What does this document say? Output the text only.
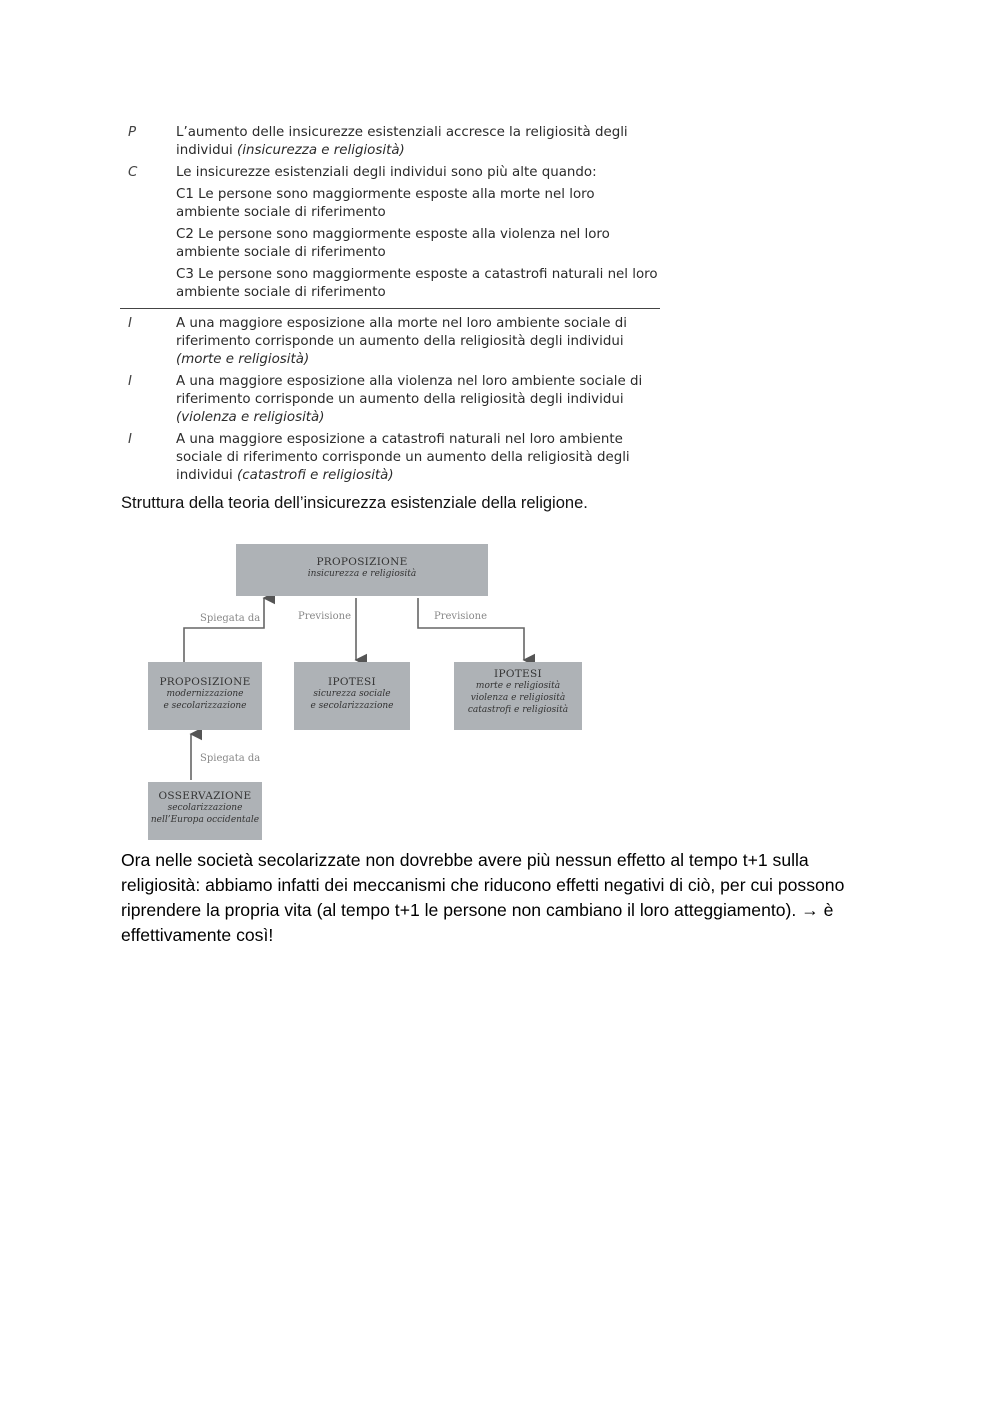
P	L’aumento delle insicurezze esistenziali accresce la religiosità degli individui (insicurezza e religiosità)
C	Le insicurezze esistenziali degli individui sono più alte quando:
C1 Le persone sono maggiormente esposte alla morte nel loro ambiente sociale di riferimento
C2 Le persone sono maggiormente esposte alla violenza nel loro ambiente sociale di riferimento
C3 Le persone sono maggiormente esposte a catastrofi naturali nel loro ambiente sociale di riferimento
I	A una maggiore esposizione alla morte nel loro ambiente sociale di riferimento corrisponde un aumento della religiosità degli individui (morte e religiosità)
I	A una maggiore esposizione alla violenza nel loro ambiente sociale di riferimento corrisponde un aumento della religiosità degli individui (violenza e religiosità)
I	A una maggiore esposizione a catastrofi naturali nel loro ambiente sociale di riferimento corrisponde un aumento della religiosità degli individui (catastrofi e religiosità)
Struttura della teoria dell’insicurezza esistenziale della religione.
PROPOSIZIONE
insicurezza e religiosità
PROPOSIZIONE
modernizzazione
e secolarizzazione
IPOTESI
sicurezza sociale
e secolarizzazione
IPOTESI
morte e religiosità
violenza e religiosità
catastrofi e religiosità
OSSERVAZIONE
secolarizzazione
nell’Europa occidentale
Spiegata da	Previsione	Previsione
Spiegata da
Ora nelle società secolarizzate non dovrebbe avere più nessun effetto al tempo t+1 sulla religiosità: abbiamo infatti dei meccanismi che riducono effetti negativi di ciò, per cui possono riprendere la propria vita (al tempo t+1 le persone non cambiano il loro atteggiamento). → è effettivamente così!
